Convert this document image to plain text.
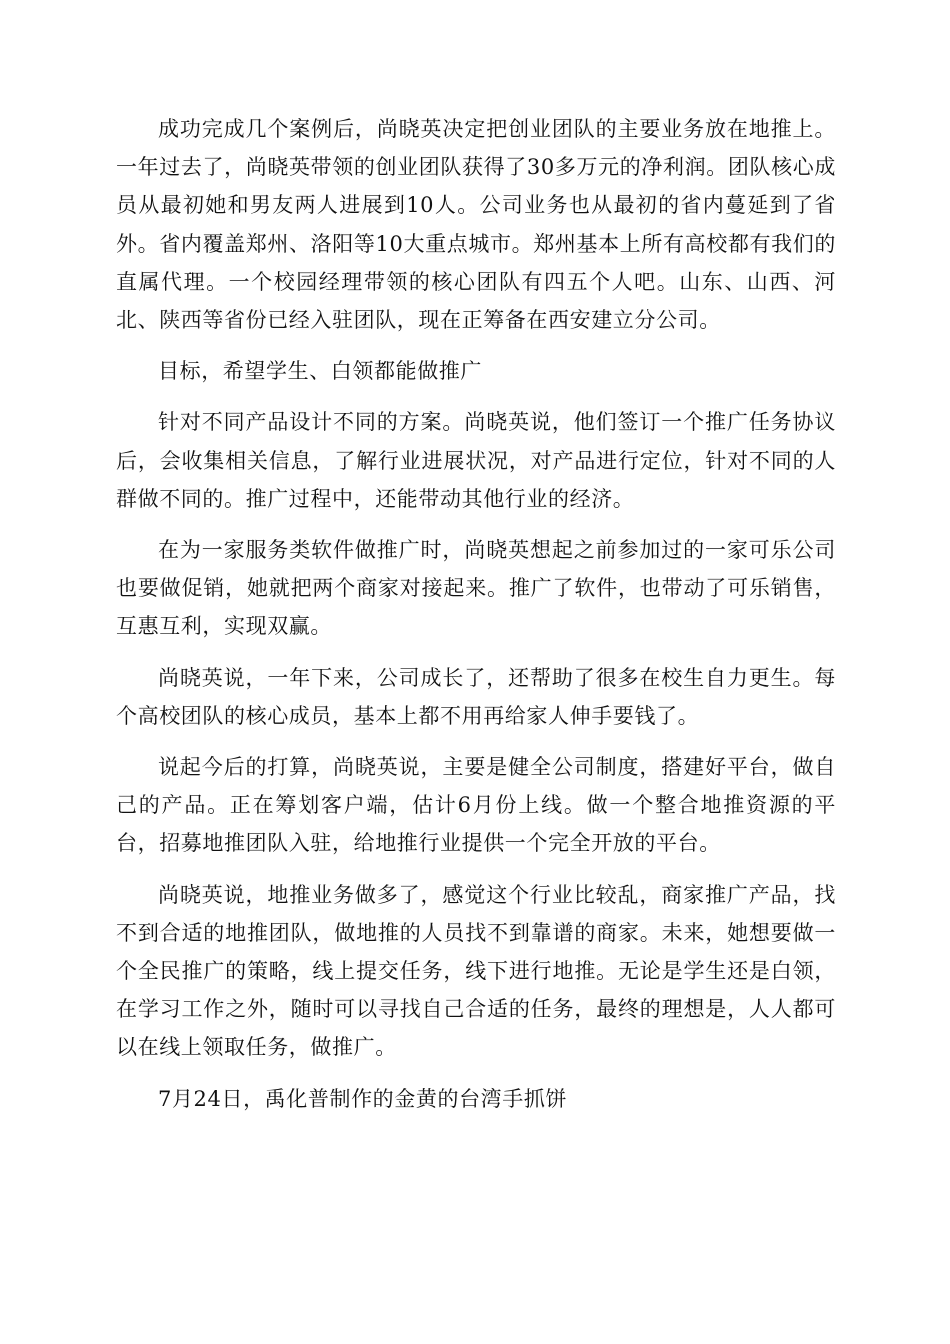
成功完成几个案例后，尚晓英决定把创业团队的主要业务放在地推上。一年过去了，尚晓英带领的创业团队获得了30多万元的净利润。团队核心成员从最初她和男友两人进展到10人。公司业务也从最初的省内蔓延到了省外。省内覆盖郑州、洛阳等10大重点城市。郑州基本上所有高校都有我们的直属代理。一个校园经理带领的核心团队有四五个人吧。山东、山西、河北、陕西等省份已经入驻团队，现在正筹备在西安建立分公司。

目标，希望学生、白领都能做推广

针对不同产品设计不同的方案。尚晓英说，他们签订一个推广任务协议后，会收集相关信息，了解行业进展状况，对产品进行定位，针对不同的人群做不同的。推广过程中，还能带动其他行业的经济。

在为一家服务类软件做推广时，尚晓英想起之前参加过的一家可乐公司也要做促销，她就把两个商家对接起来。推广了软件，也带动了可乐销售，互惠互利，实现双赢。

尚晓英说，一年下来，公司成长了，还帮助了很多在校生自力更生。每个高校团队的核心成员，基本上都不用再给家人伸手要钱了。

说起今后的打算，尚晓英说，主要是健全公司制度，搭建好平台，做自己的产品。正在筹划客户端，估计6月份上线。做一个整合地推资源的平台，招募地推团队入驻，给地推行业提供一个完全开放的平台。

尚晓英说，地推业务做多了，感觉这个行业比较乱，商家推广产品，找不到合适的地推团队，做地推的人员找不到靠谱的商家。未来，她想要做一个全民推广的策略，线上提交任务，线下进行地推。无论是学生还是白领，在学习工作之外，随时可以寻找自己合适的任务，最终的理想是，人人都可以在线上领取任务，做推广。

7月24日，禹化普制作的金黄的台湾手抓饼
